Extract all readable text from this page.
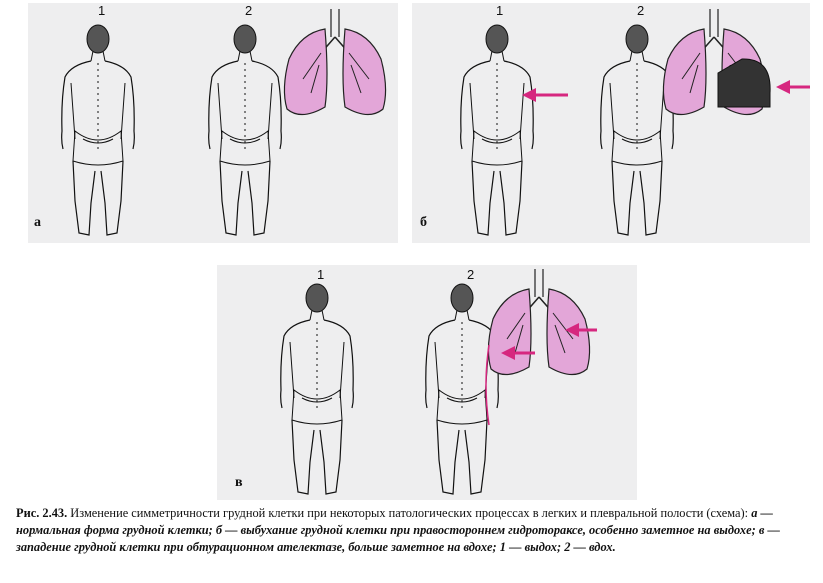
1	2
а
1	2
б
1	2
в
Рис. 2.43. Изменение симметричности грудной клетки при некоторых патологических процессах в легких и плевральной полости (схема): а — нормальная форма грудной клетки; б — выбухание грудной клетки при правостороннем гидротораксе, особенно заметное на выдохе; в — западение грудной клетки при обтурационном ателектазе, больше заметное на вдохе; 1 — выдох; 2 — вдох.
